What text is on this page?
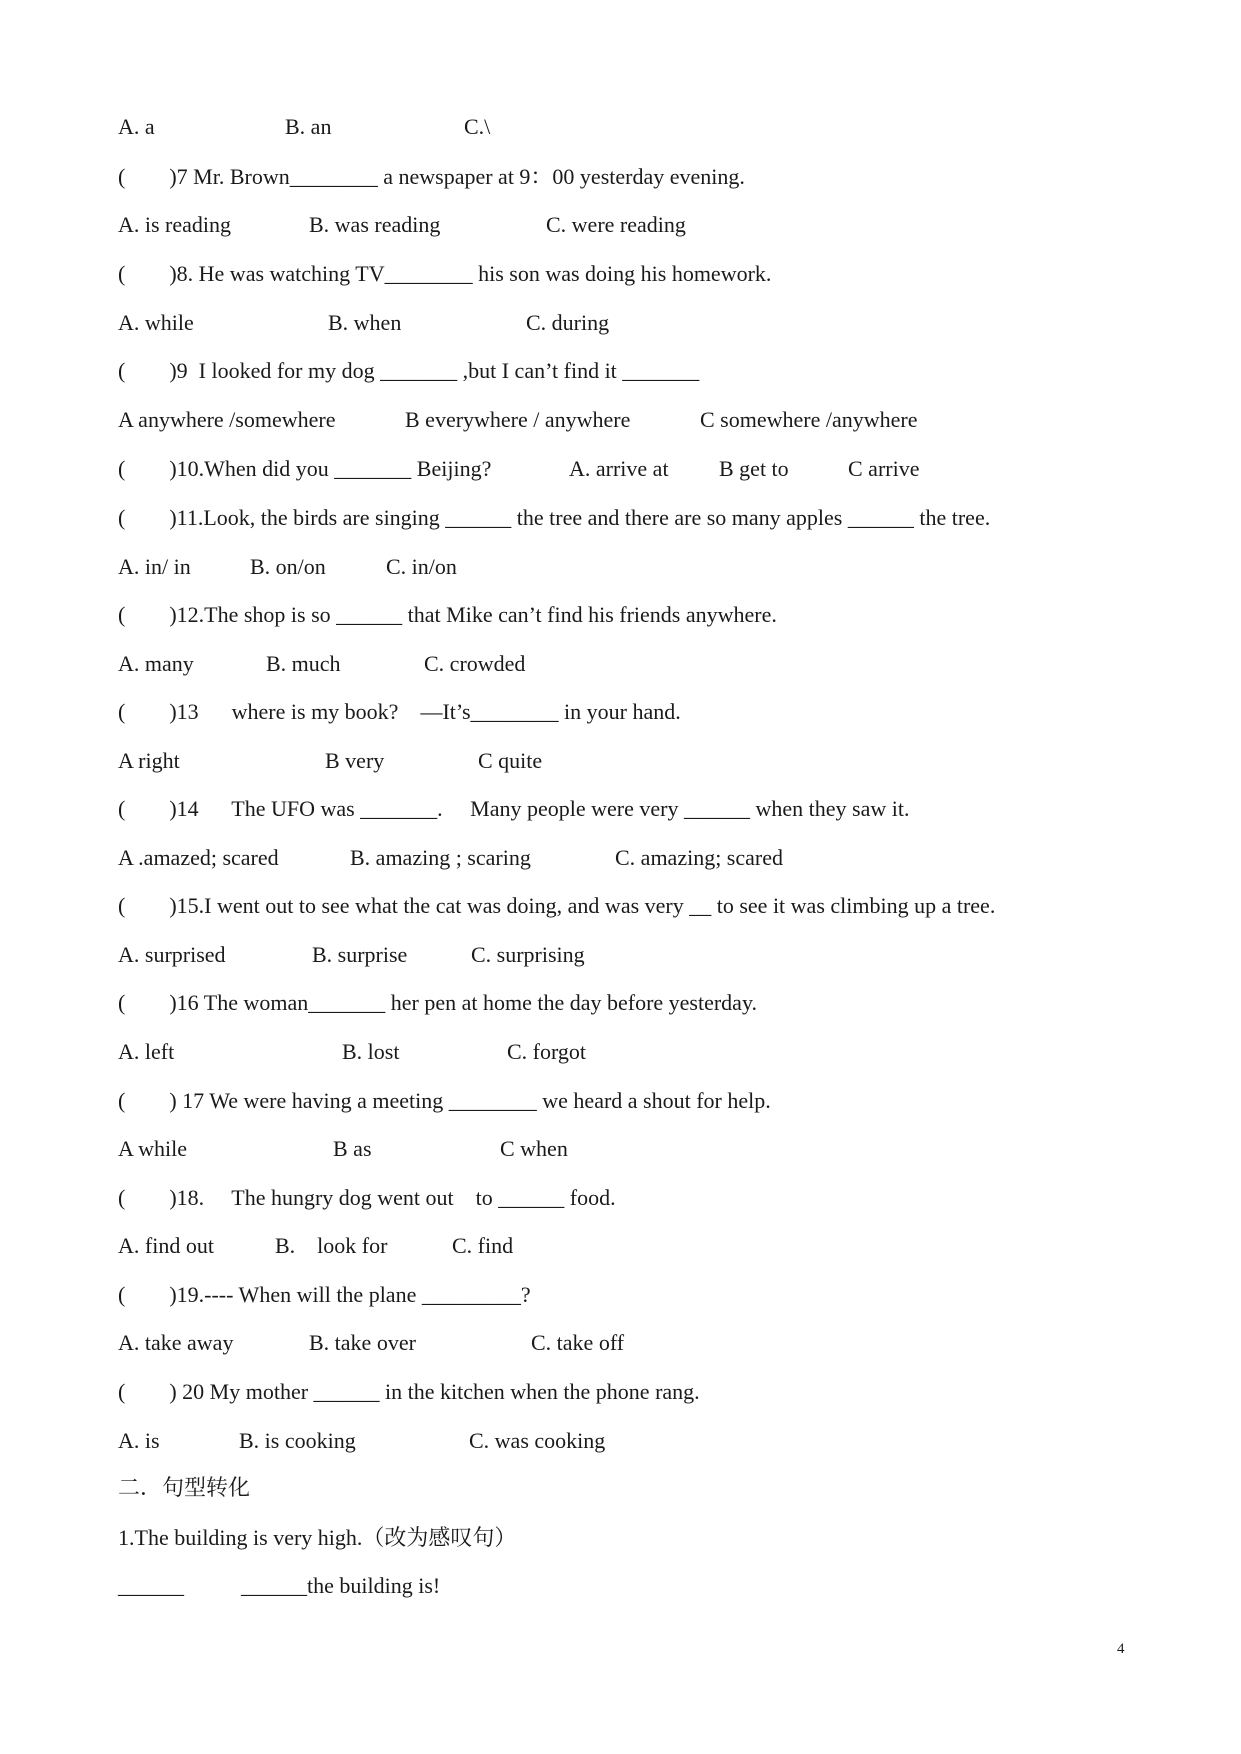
A. a

	B. an

	C.\

(        )7 Mr. Brown________ a newspaper at 9：00 yesterday evening.

A. is reading

	B. was reading

	C. were reading

(        )8. He was watching TV________ his son was doing his homework.

A. while

	B. when

	C. during

(        )9  I looked for my dog _______ ,but I can’t find it _______

A anywhere /somewhere

	B everywhere / anywhere

	C somewhere /anywhere

(        )10.When did you _______ Beijing?

	A. arrive at

B get to

	C arrive

(        )11.Look, the birds are singing ______ the tree and there are so many apples ______ the tree.

A. in/ in

	B. on/on

	C. in/on

(        )12.The shop is so ______ that Mike can’t find his friends anywhere.

A. many

	B. much

	C. crowded

(        )13      where is my book?    —It’s________ in your hand.

A right

	B very

	C quite

(        )14      The UFO was _______.     Many people were very ______ when they saw it.

A .amazed; scared

	B. amazing ; scaring

	C. amazing; scared

(        )15.I went out to see what the cat was doing, and was very __ to see it was climbing up a tree.

A. surprised

	B. surprise

	C. surprising

(        )16 The woman_______ her pen at home the day before yesterday.

A. left

	B. lost

	C. forgot

(        ) 17 We were having a meeting ________ we heard a shout for help.

A while

	B as

	C when

(        )18.     The hungry dog went out    to ______ food.

A. find out

	B.    look for

	C. find

(        )19.---- When will the plane _________?

A. take away

	B. take over

	C. take off

(        ) 20 My mother ______ in the kitchen when the phone rang.

A. is

	B. is cooking

	C. was cooking

二．句型转化

1.The building is very high.（改为感叹句）

______

	______the building is!

4
